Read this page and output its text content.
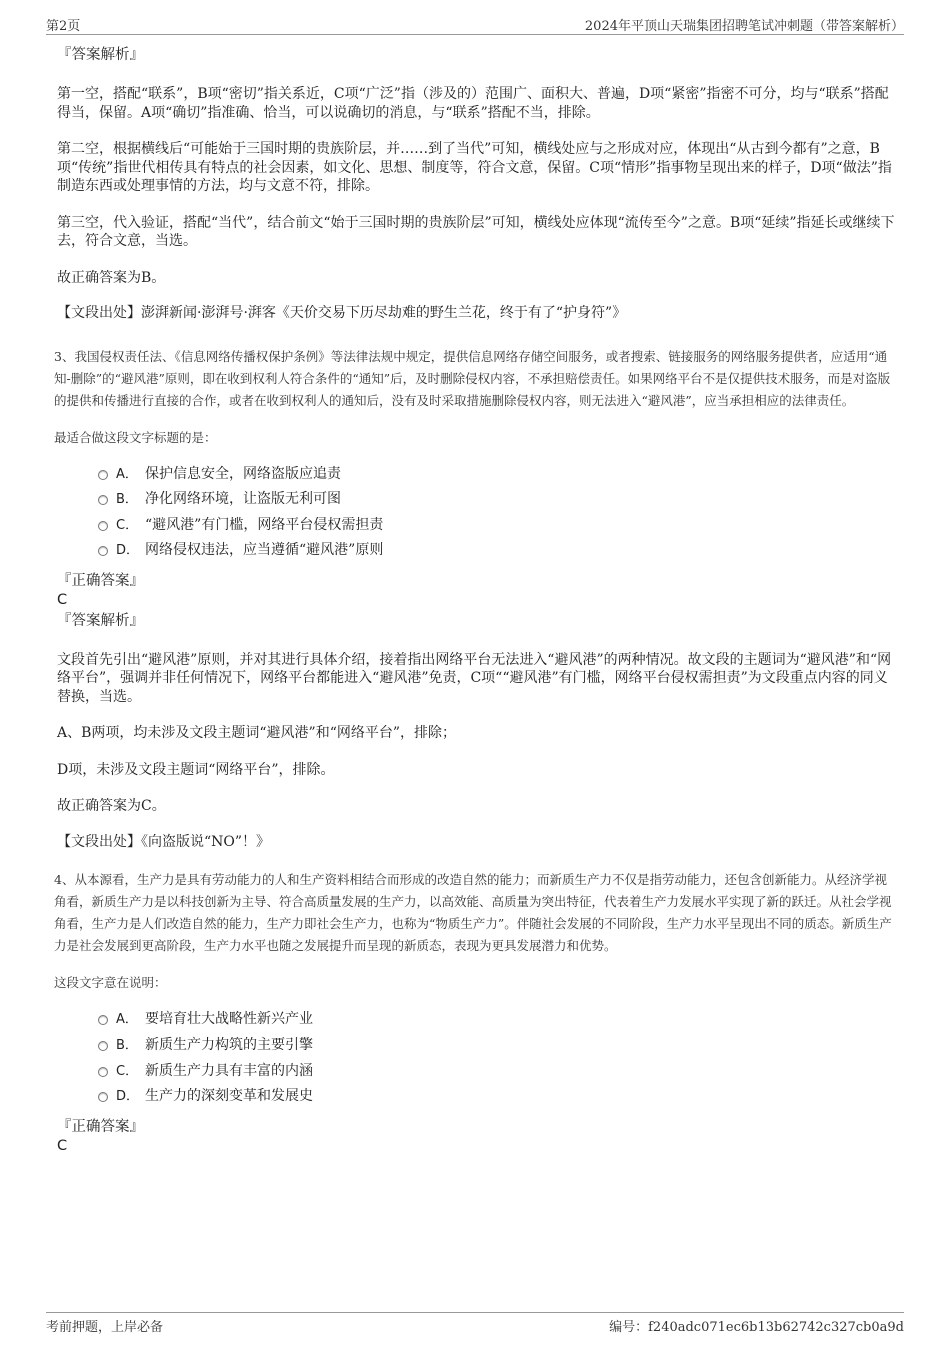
第2页	2024年平顶山天瑞集团招聘笔试冲刺题（带答案解析）
『答案解析』

第一空，搭配“联系”，B项“密切”指关系近，C项“广泛”指（涉及的）范围广、面积大、普遍，D项“紧密”指密不可分，均与“联系”搭配得当，保留。A项“确切”指准确、恰当，可以说确切的消息，与“联系”搭配不当，排除。

第二空，根据横线后“可能始于三国时期的贵族阶层，并……到了当代”可知，横线处应与之形成对应，体现出“从古到今都有”之意，B项“传统”指世代相传具有特点的社会因素，如文化、思想、制度等，符合文意，保留。C项“情形”指事物呈现出来的样子，D项“做法”指制造东西或处理事情的方法，均与文意不符，排除。

第三空，代入验证，搭配“当代”，结合前文“始于三国时期的贵族阶层”可知，横线处应体现“流传至今”之意。B项“延续”指延长或继续下去，符合文意，当选。

故正确答案为B。

【文段出处】澎湃新闻·澎湃号·湃客《天价交易下历尽劫难的野生兰花，终于有了“护身符”》

3、我国侵权责任法、《信息网络传播权保护条例》等法律法规中规定，提供信息网络存储空间服务，或者搜索、链接服务的网络服务提供者，应适用“通知-删除”的“避风港”原则，即在收到权利人符合条件的“通知”后，及时删除侵权内容，不承担赔偿责任。如果网络平台不是仅提供技术服务，而是对盗版的提供和传播进行直接的合作，或者在收到权利人的通知后，没有及时采取措施删除侵权内容，则无法进入“避风港”，应当承担相应的法律责任。

最适合做这段文字标题的是：
A． 保护信息安全，网络盗版应追责
B． 净化网络环境，让盗版无利可图
C． “避风港”有门槛，网络平台侵权需担责
D． 网络侵权违法，应当遵循“避风港”原则
『正确答案』
C
『答案解析』

文段首先引出“避风港”原则，并对其进行具体介绍，接着指出网络平台无法进入“避风港”的两种情况。故文段的主题词为“避风港”和“网络平台”，强调并非任何情况下，网络平台都能进入“避风港”免责，C项““避风港”有门槛，网络平台侵权需担责”为文段重点内容的同义替换，当选。

A、B两项，均未涉及文段主题词“避风港”和“网络平台”，排除；

D项，未涉及文段主题词“网络平台”，排除。

故正确答案为C。

【文段出处】《向盗版说“NO”！》

4、从本源看，生产力是具有劳动能力的人和生产资料相结合而形成的改造自然的能力；而新质生产力不仅是指劳动能力，还包含创新能力。从经济学视角看，新质生产力是以科技创新为主导、符合高质量发展的生产力，以高效能、高质量为突出特征，代表着生产力发展水平实现了新的跃迁。从社会学视角看，生产力是人们改造自然的能力，生产力即社会生产力，也称为“物质生产力”。伴随社会发展的不同阶段，生产力水平呈现出不同的质态。新质生产力是社会发展到更高阶段，生产力水平也随之发展提升而呈现的新质态，表现为更具发展潜力和优势。

这段文字意在说明：
A． 要培育壮大战略性新兴产业
B． 新质生产力构筑的主要引擎
C． 新质生产力具有丰富的内涵
D． 生产力的深刻变革和发展史
『正确答案』
C
考前押题，上岸必备	编号：f240adc071ec6b13b62742c327cb0a9d
